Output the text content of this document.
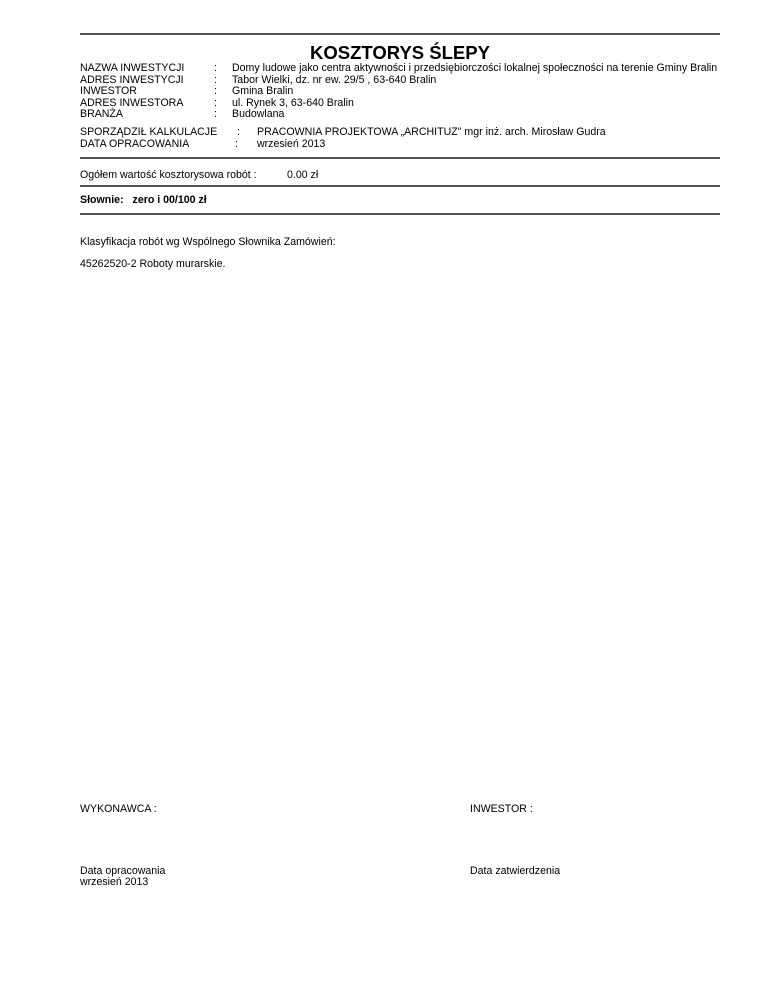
KOSZTORYS ŚLEPY
NAZWA INWESTYCJI	: Domy ludowe jako centra aktywności i przedsiębiorczości lokalnej społeczności na terenie Gminy Bralin
ADRES INWESTYCJI	: Tabor Wielki, dz. nr ew. 29/5 , 63-640 Bralin
INWESTOR	: Gmina Bralin
ADRES INWESTORA	: ul. Rynek 3, 63-640 Bralin
BRANŻA	: Budowlana
SPORZĄDZIŁ KALKULACJE : PRACOWNIA PROJEKTOWA „ARCHITUZ" mgr inż. arch. Mirosław Gudra
DATA OPRACOWANIA	: wrzesień 2013
Ogółem wartość kosztorysowa robót :	0.00 zł
Słownie: zero i 00/100 zł
Klasyfikacja robót wg Wspólnego Słownika Zamówień:
45262520-2 Roboty murarskie.
WYKONAWCA :	INWESTOR :
Data opracowania
wrzesień 2013
Data zatwierdzenia
